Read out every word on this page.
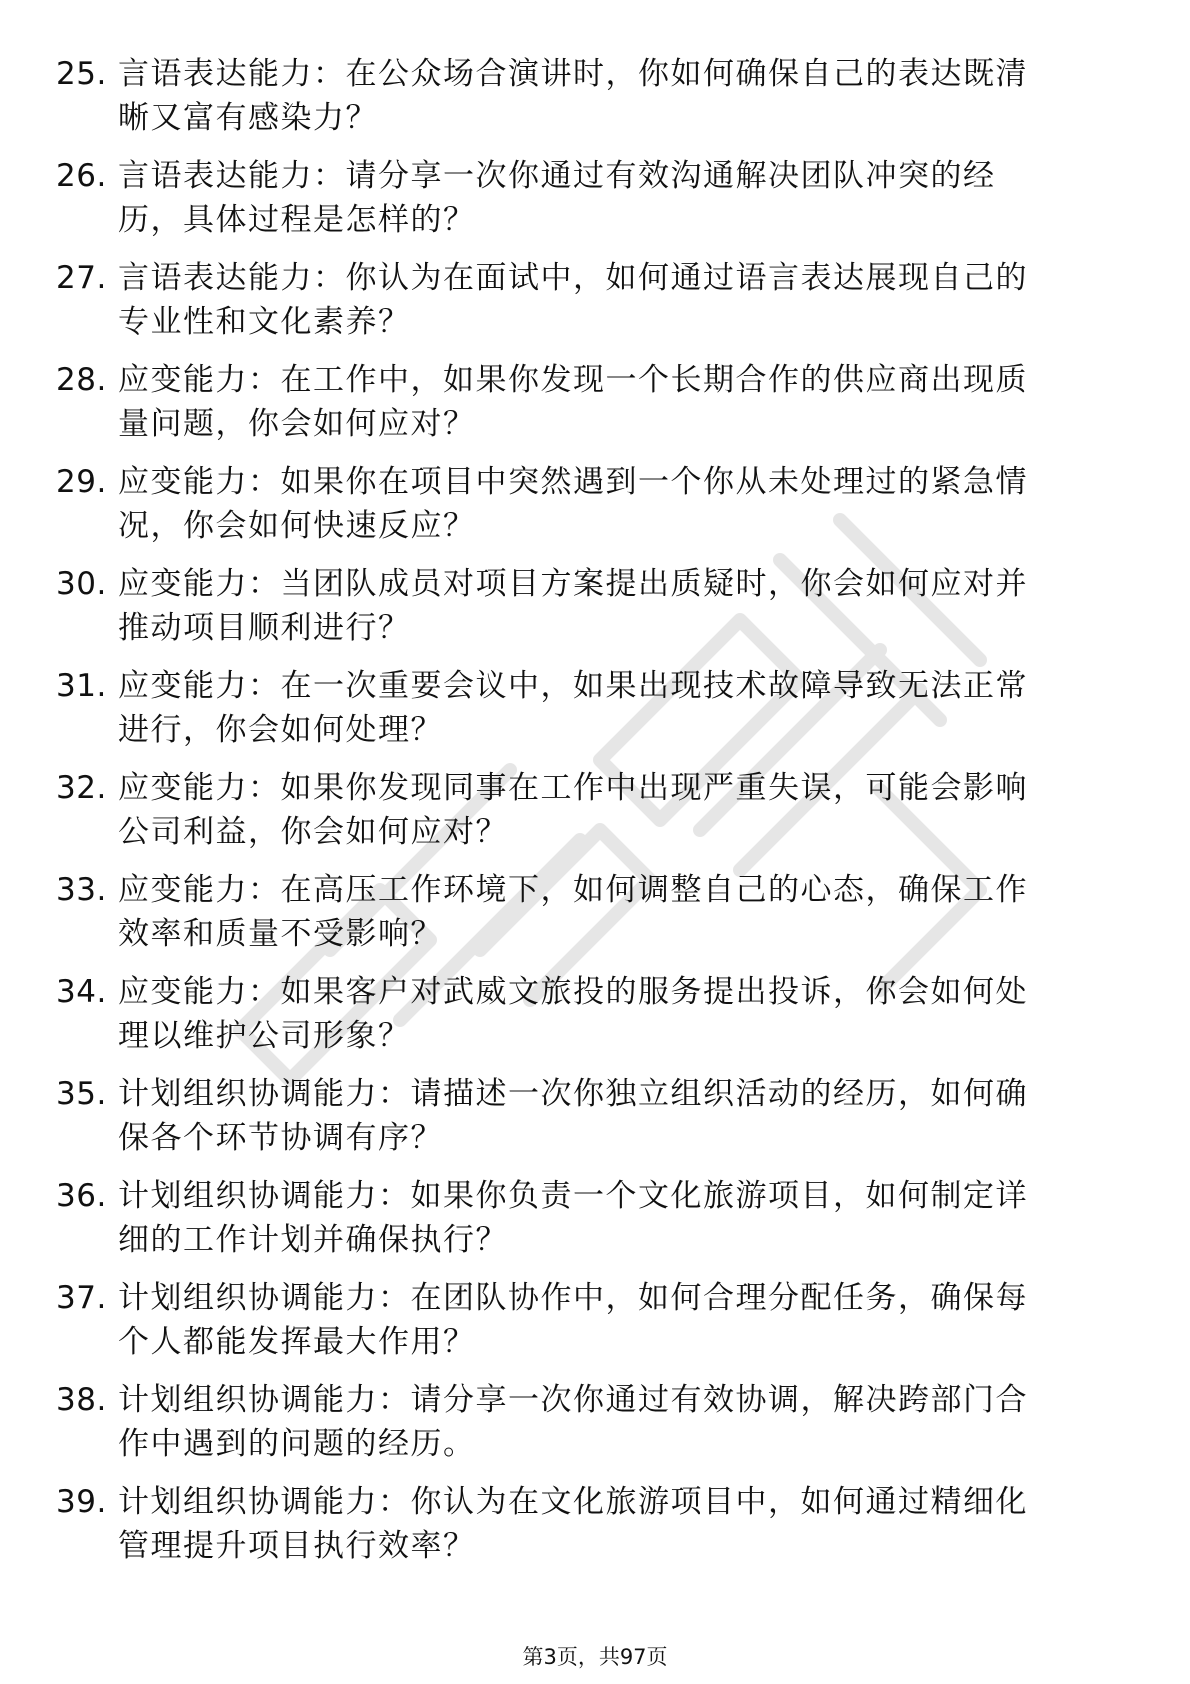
25. 言语表达能力：在公众场合演讲时，你如何确保自己的表达既清晰又富有感染力？
26. 言语表达能力：请分享一次你通过有效沟通解决团队冲突的经历，具体过程是怎样的？
27. 言语表达能力：你认为在面试中，如何通过语言表达展现自己的专业性和文化素养？
28. 应变能力：在工作中，如果你发现一个长期合作的供应商出现质量问题，你会如何应对？
29. 应变能力：如果你在项目中突然遇到一个你从未处理过的紧急情况，你会如何快速反应？
30. 应变能力：当团队成员对项目方案提出质疑时，你会如何应对并推动项目顺利进行？
31. 应变能力：在一次重要会议中，如果出现技术故障导致无法正常进行，你会如何处理？
32. 应变能力：如果你发现同事在工作中出现严重失误，可能会影响公司利益，你会如何应对？
33. 应变能力：在高压工作环境下，如何调整自己的心态，确保工作效率和质量不受影响？
34. 应变能力：如果客户对武威文旅投的服务提出投诉，你会如何处理以维护公司形象？
35. 计划组织协调能力：请描述一次你独立组织活动的经历，如何确保各个环节协调有序？
36. 计划组织协调能力：如果你负责一个文化旅游项目，如何制定详细的工作计划并确保执行？
37. 计划组织协调能力：在团队协作中，如何合理分配任务，确保每个人都能发挥最大作用？
38. 计划组织协调能力：请分享一次你通过有效协调，解决跨部门合作中遇到的问题的经历。
39. 计划组织协调能力：你认为在文化旅游项目中，如何通过精细化管理提升项目执行效率？
第3页，共97页
